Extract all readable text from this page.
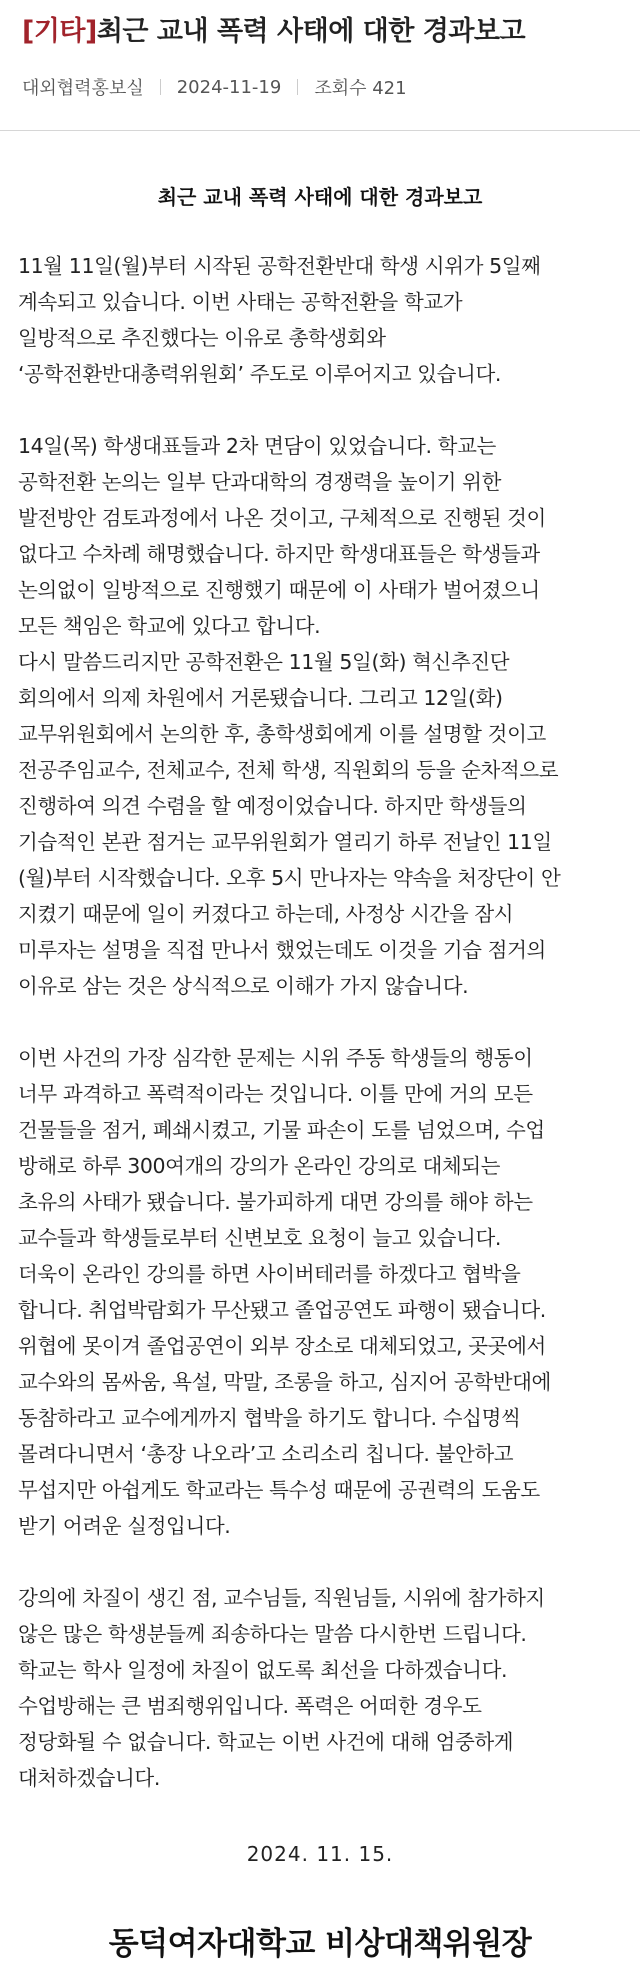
[기타]최근 교내 폭력 사태에 대한 경과보고
대외협력홍보실 2024-11-19 조회수 421
최근 교내 폭력 사태에 대한 경과보고

11월 11일(월)부터 시작된 공학전환반대 학생 시위가 5일째
계속되고 있습니다. 이번 사태는 공학전환을 학교가
일방적으로 추진했다는 이유로 총학생회와
‘공학전환반대총력위원회’ 주도로 이루어지고 있습니다.

14일(목) 학생대표들과 2차 면담이 있었습니다. 학교는
공학전환 논의는 일부 단과대학의 경쟁력을 높이기 위한
발전방안 검토과정에서 나온 것이고, 구체적으로 진행된 것이
없다고 수차례 해명했습니다. 하지만 학생대표들은 학생들과
논의없이 일방적으로 진행했기 때문에 이 사태가 벌어졌으니
모든 책임은 학교에 있다고 합니다.
다시 말씀드리지만 공학전환은 11월 5일(화) 혁신추진단
회의에서 의제 차원에서 거론됐습니다. 그리고 12일(화)
교무위원회에서 논의한 후, 총학생회에게 이를 설명할 것이고
전공주임교수, 전체교수, 전체 학생, 직원회의 등을 순차적으로
진행하여 의견 수렴을 할 예정이었습니다. 하지만 학생들의
기습적인 본관 점거는 교무위원회가 열리기 하루 전날인 11일
(월)부터 시작했습니다. 오후 5시 만나자는 약속을 처장단이 안
지켰기 때문에 일이 커졌다고 하는데, 사정상 시간을 잠시
미루자는 설명을 직접 만나서 했었는데도 이것을 기습 점거의
이유로 삼는 것은 상식적으로 이해가 가지 않습니다.

이번 사건의 가장 심각한 문제는 시위 주동 학생들의 행동이
너무 과격하고 폭력적이라는 것입니다. 이틀 만에 거의 모든
건물들을 점거, 폐쇄시켰고, 기물 파손이 도를 넘었으며, 수업
방해로 하루 300여개의 강의가 온라인 강의로 대체되는
초유의 사태가 됐습니다. 불가피하게 대면 강의를 해야 하는
교수들과 학생들로부터 신변보호 요청이 늘고 있습니다.
더욱이 온라인 강의를 하면 사이버테러를 하겠다고 협박을
합니다. 취업박람회가 무산됐고 졸업공연도 파행이 됐습니다.
위협에 못이겨 졸업공연이 외부 장소로 대체되었고, 곳곳에서
교수와의 몸싸움, 욕설, 막말, 조롱을 하고, 심지어 공학반대에
동참하라고 교수에게까지 협박을 하기도 합니다. 수십명씩
몰려다니면서 ‘총장 나오라’고 소리소리 칩니다. 불안하고
무섭지만 아쉽게도 학교라는 특수성 때문에 공권력의 도움도
받기 어려운 실정입니다.

강의에 차질이 생긴 점, 교수님들, 직원님들, 시위에 참가하지
않은 많은 학생분들께 죄송하다는 말씀 다시한번 드립니다.
학교는 학사 일정에 차질이 없도록 최선을 다하겠습니다.
수업방해는 큰 범죄행위입니다. 폭력은 어떠한 경우도
정당화될 수 없습니다. 학교는 이번 사건에 대해 엄중하게
대처하겠습니다.

2024. 11. 15.
동덕여자대학교 비상대책위원장
